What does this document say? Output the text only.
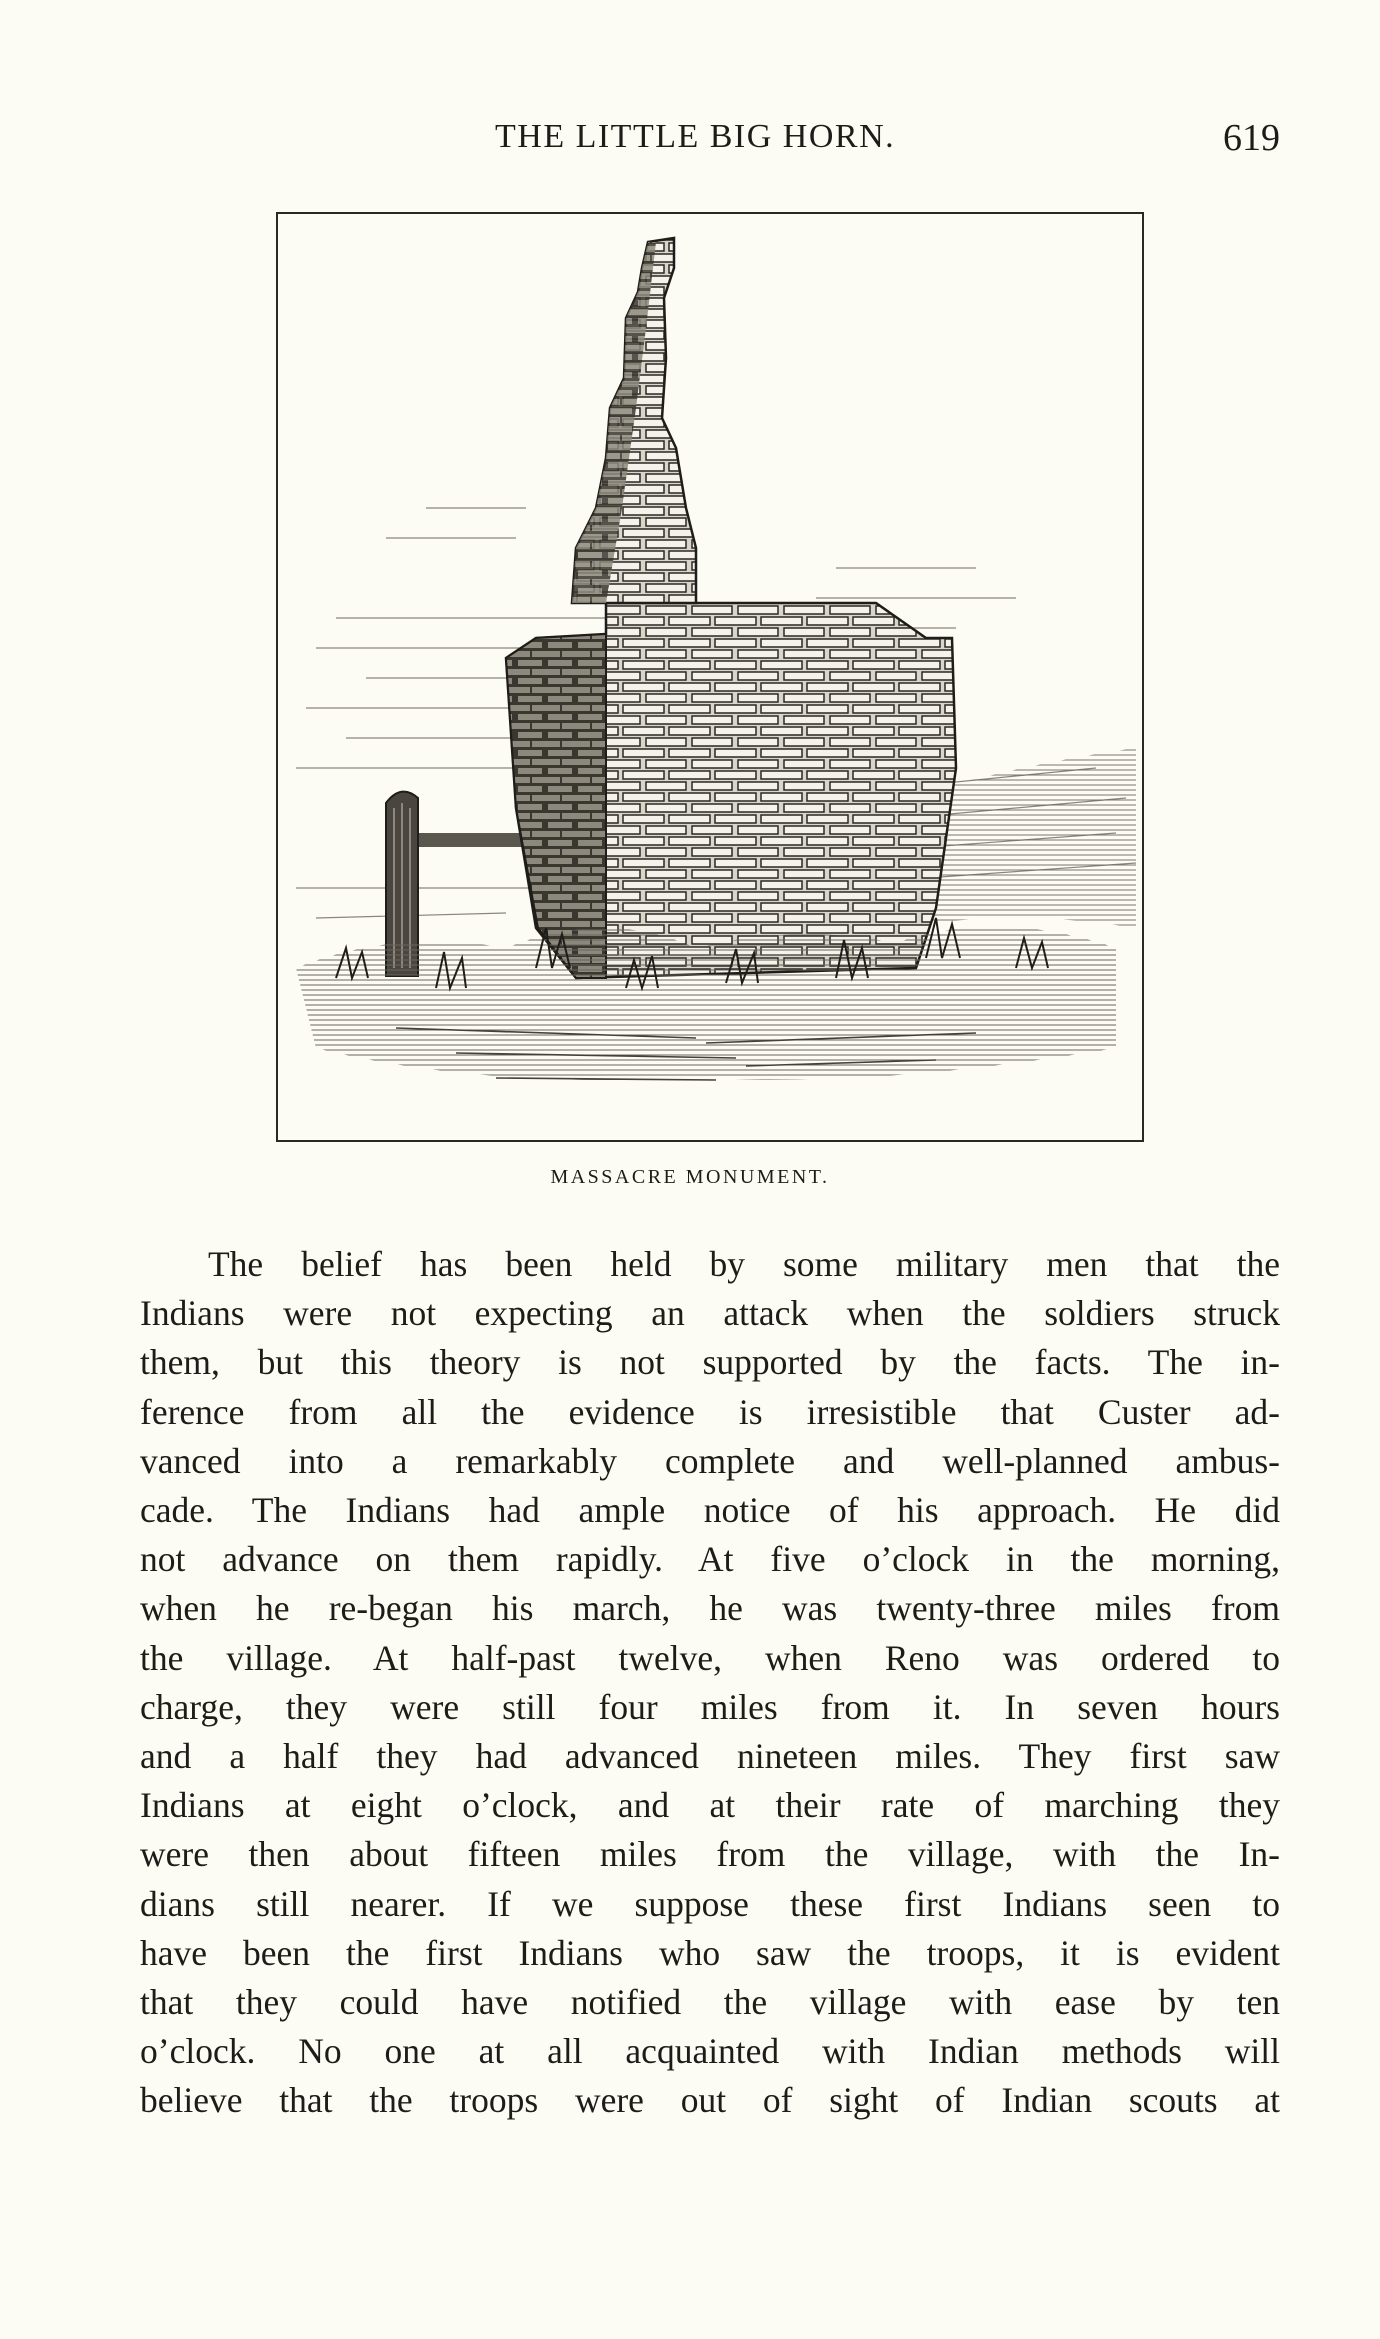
THE LITTLE BIG HORN.	619
MASSACRE MONUMENT.
The belief has been held by some military men that the
Indians were not expecting an attack when the soldiers struck
them, but this theory is not supported by the facts. The in-
ference from all the evidence is irresistible that Custer ad-
vanced into a remarkably complete and well-planned ambus-
cade. The Indians had ample notice of his approach. He did
not advance on them rapidly. At five o’clock in the morning,
when he re-began his march, he was twenty-three miles from
the village. At half-past twelve, when Reno was ordered to
charge, they were still four miles from it. In seven hours
and a half they had advanced nineteen miles. They first saw
Indians at eight o’clock, and at their rate of marching they
were then about fifteen miles from the village, with the In-
dians still nearer. If we suppose these first Indians seen to
have been the first Indians who saw the troops, it is evident
that they could have notified the village with ease by ten
o’clock. No one at all acquainted with Indian methods will
believe that the troops were out of sight of Indian scouts at
